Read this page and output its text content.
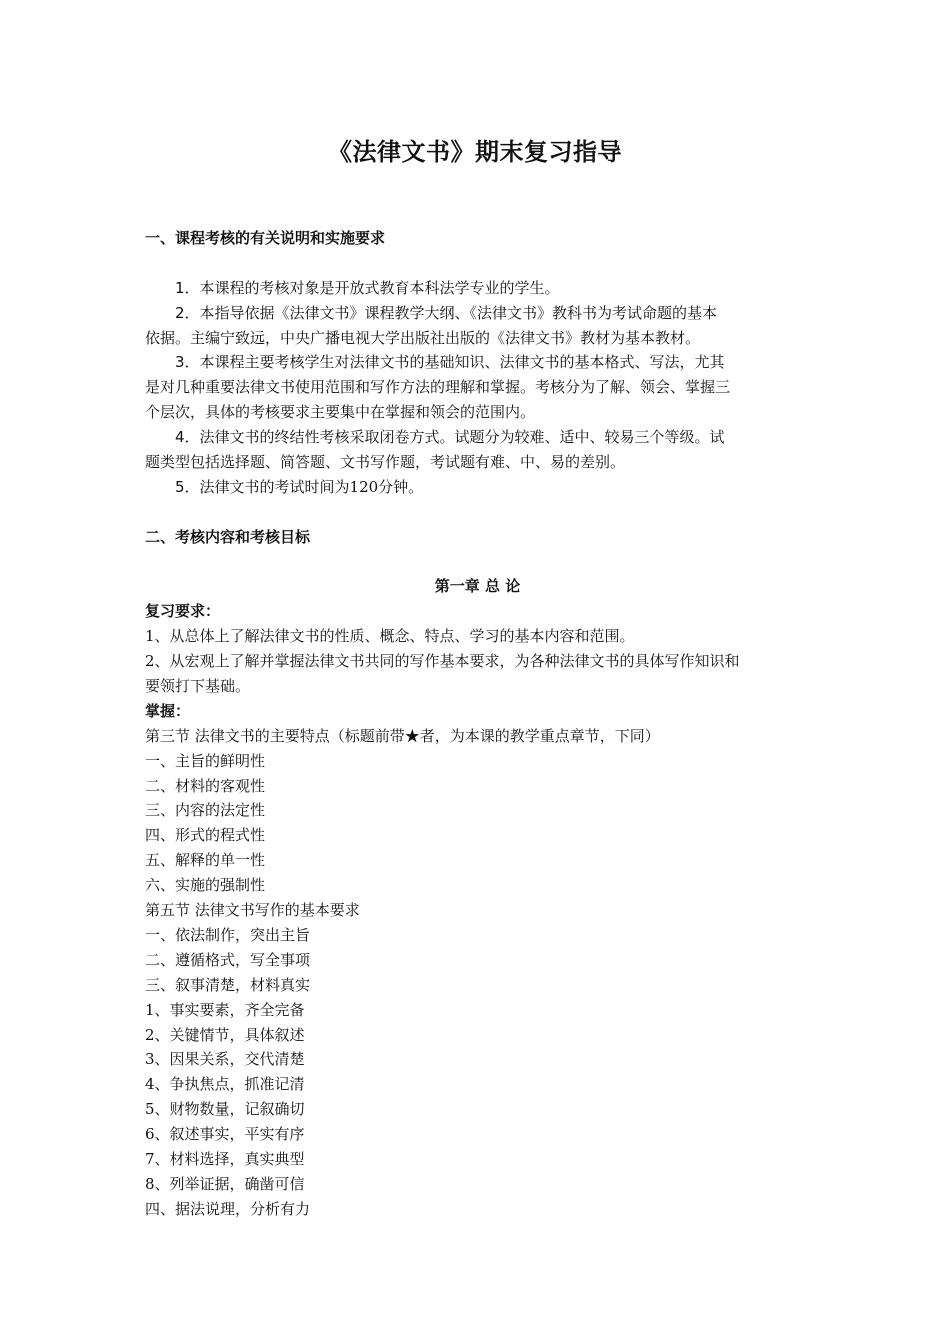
《法律文书》期末复习指导
一、课程考核的有关说明和实施要求
1．本课程的考核对象是开放式教育本科法学专业的学生。
2．本指导依据《法律文书》课程教学大纲、《法律文书》教科书为考试命题的基本
依据。主编宁致远，中央广播电视大学出版社出版的《法律文书》教材为基本教材。
3．本课程主要考核学生对法律文书的基础知识、法律文书的基本格式、写法，尤其
是对几种重要法律文书使用范围和写作方法的理解和掌握。考核分为了解、领会、掌握三
个层次，具体的考核要求主要集中在掌握和领会的范围内。
4．法律文书的终结性考核采取闭卷方式。试题分为较难、适中、较易三个等级。试
题类型包括选择题、简答题、文书写作题，考试题有难、中、易的差别。
5．法律文书的考试时间为120分钟。
二、考核内容和考核目标
第一章 总 论
复习要求：
1、从总体上了解法律文书的性质、概念、特点、学习的基本内容和范围。
2、从宏观上了解并掌握法律文书共同的写作基本要求，为各种法律文书的具体写作知识和
要领打下基础。
掌握：
第三节 法律文书的主要特点（标题前带★者，为本课的教学重点章节，下同）
一、主旨的鲜明性
二、材料的客观性
三、内容的法定性
四、形式的程式性
五、解释的单一性
六、实施的强制性
第五节 法律文书写作的基本要求
一、依法制作，突出主旨
二、遵循格式，写全事项
三、叙事清楚，材料真实
1、事实要素，齐全完备
2、关键情节，具体叙述
3、因果关系，交代清楚
4、争执焦点，抓准记清
5、财物数量，记叙确切
6、叙述事实，平实有序
7、材料选择，真实典型
8、列举证据，确凿可信
四、据法说理，分析有力
